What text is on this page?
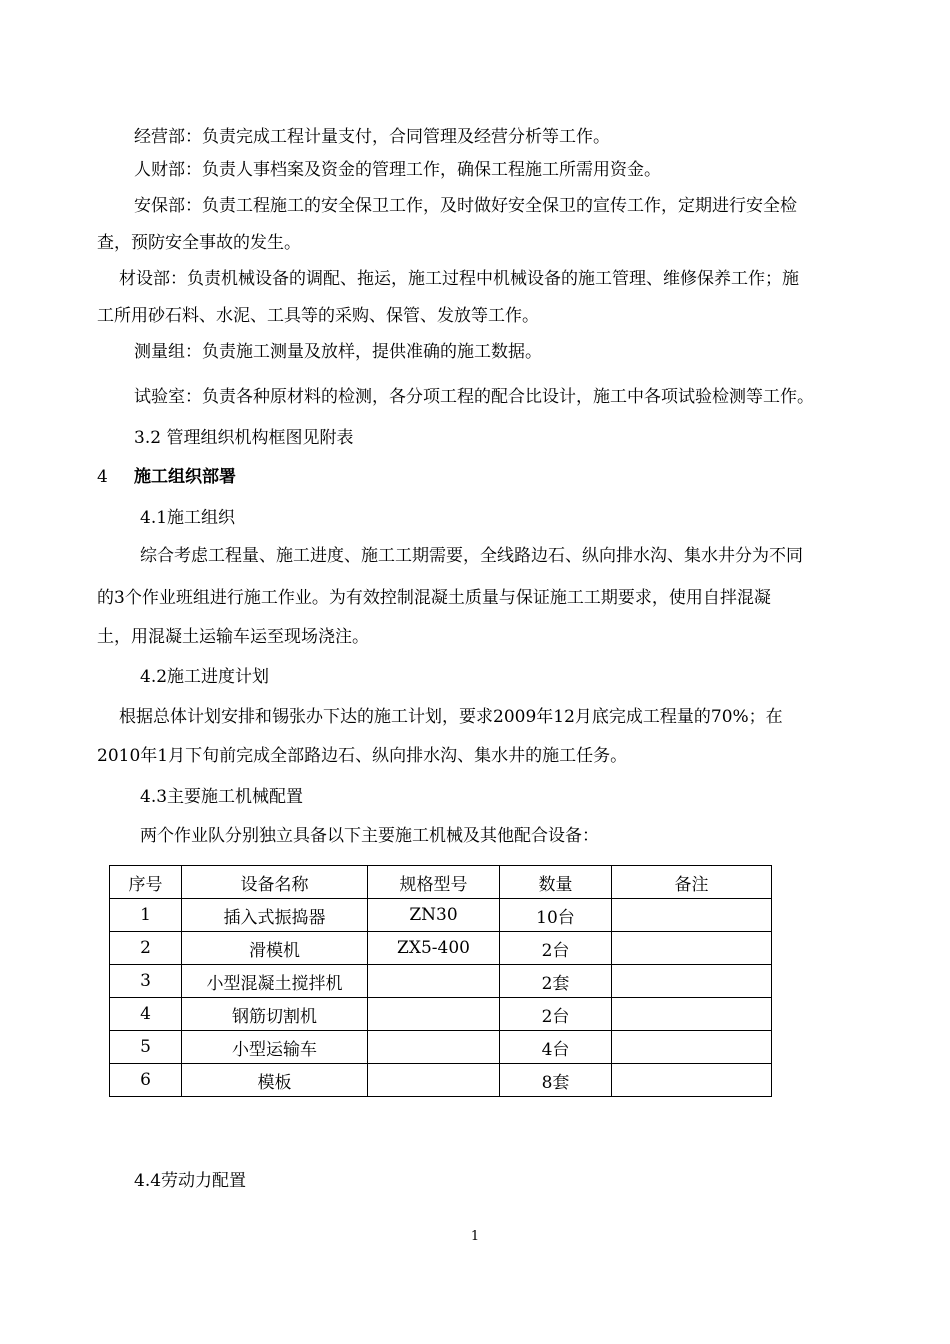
经营部：负责完成工程计量支付，合同管理及经营分析等工作。

人财部：负责人事档案及资金的管理工作，确保工程施工所需用资金。

安保部：负责工程施工的安全保卫工作，及时做好安全保卫的宣传工作，定期进行安全检

查，预防安全事故的发生。

材设部：负责机械设备的调配、拖运，施工过程中机械设备的施工管理、维修保养工作；施

工所用砂石料、水泥、工具等的采购、保管、发放等工作。

测量组：负责施工测量及放样，提供准确的施工数据。

试验室：负责各种原材料的检测，各分项工程的配合比设计，施工中各项试验检测等工作。

3.2 管理组织机构框图见附表

4 施工组织部署

4.1施工组织

综合考虑工程量、施工进度、施工工期需要，全线路边石、纵向排水沟、集水井分为不同

的3个作业班组进行施工作业。为有效控制混凝土质量与保证施工工期要求，使用自拌混凝

土，用混凝土运输车运至现场浇注。

4.2施工进度计划

根据总体计划安排和锡张办下达的施工计划，要求2009年12月底完成工程量的70%；在

2010年1月下旬前完成全部路边石、纵向排水沟、集水井的施工任务。

4.3主要施工机械配置

两个作业队分别独立具备以下主要施工机械及其他配合设备：

序号	设备名称	规格型号	数量	备注
1	插入式振捣器	ZN30	10台	
2	滑模机	ZX5-400	2台	
3	小型混凝土搅拌机		2套	
4	钢筋切割机		2台	
5	小型运输车		4台	
6	模板		8套	

4.4劳动力配置

1
